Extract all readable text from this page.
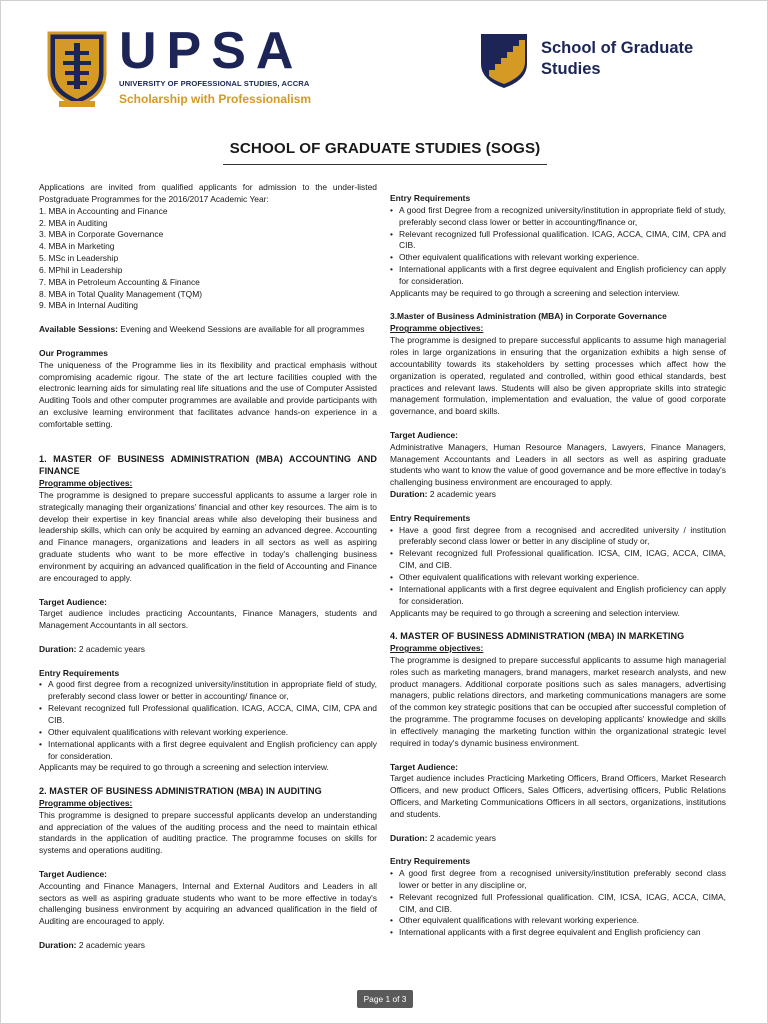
UPSA
UNIVERSITY OF PROFESSIONAL STUDIES, ACCRA
Scholarship with Professionalism
School of Graduate Studies
SCHOOL OF GRADUATE STUDIES (SOGS)

Applications are invited from qualified applicants for admission to the under-listed Postgraduate Programmes for the 2016/2017 Academic Year:

1. MBA in Accounting and Finance

2. MBA in Auditing

3. MBA in Corporate Governance

4. MBA in Marketing

5. MSc in Leadership

6. MPhil in Leadership

7. MBA in Petroleum Accounting & Finance

8. MBA in Total Quality Management (TQM)

9. MBA in Internal Auditing

Available Sessions: Evening and Weekend Sessions are available for all programmes

Our Programmes

The uniqueness of the Programme lies in its flexibility and practical emphasis without compromising academic rigour. The state of the art lecture facilities coupled with the electronic learning aids for simulating real life situations and the use of Computer Assisted Auditing Tools and other computer programmes are available and provide participants with an exclusive learning environment that facilitates advance hands-on experience in a comfortable setting.

1. MASTER OF BUSINESS ADMINISTRATION (MBA) ACCOUNTING AND FINANCE

Programme objectives:

The programme is designed to prepare successful applicants to assume a larger role in strategically managing their organizations' financial and other key resources. The aim is to develop their expertise in key financial areas while also developing their business and leadership skills, which can only be acquired by earning an advanced degree. Accounting and Finance managers, organizations and leaders in all sectors as well as aspiring graduate students who want to be more effective in today's challenging business environment by acquiring an advanced qualification in the field of Accounting and Finance are encouraged to apply.

Target Audience:

Target audience includes practicing Accountants, Finance Managers, students and Management Accountants in all sectors.

Duration: 2 academic years

Entry Requirements

• A good first degree from a recognized university/institution in appropriate field of study, preferably second class lower or better in accounting/ finance or,
• Relevant recognized full Professional qualification. ICAG, ACCA, CIMA, CIM, CPA and CIB.
• Other equivalent qualifications with relevant working experience.
• International applicants with a first degree equivalent and English proficiency can apply for consideration.

Applicants may be required to go through a screening and selection interview.

2. MASTER OF BUSINESS ADMINISTRATION (MBA) IN AUDITING

Programme objectives:

This programme is designed to prepare successful applicants develop an understanding and appreciation of the values of the auditing process and the need to maintain ethical standards in the application of auditing practice. The programme focuses on skills for systems and operations auditing.

Target Audience:

Accounting and Finance Managers, Internal and External Auditors and Leaders in all sectors as well as aspiring graduate students who want to be more effective in today's challenging business environment by acquiring an advanced qualification in the field of Auditing are encouraged to apply.

Duration: 2 academic years

Entry Requirements

• A good first Degree from a recognized university/institution in appropriate field of study, preferably second class lower or better in accounting/finance or,
• Relevant recognized full Professional qualification. ICAG, ACCA, CIMA, CIM, CPA and CIB.
• Other equivalent qualifications with relevant working experience.
• International applicants with a first degree equivalent and English proficiency can apply for consideration.

Applicants may be required to go through a screening and selection interview.

3.Master of Business Administration (MBA) in Corporate Governance

Programme objectives:

The programme is designed to prepare successful applicants to assume high managerial roles in large organizations in ensuring that the organization exhibits a high sense of accountability towards its stakeholders by setting processes which affect how the organization is operated, regulated and controlled, within good ethical standards, best practices and relevant laws. Students will also be given appropriate skills into strategic management formulation, implementation and evaluation, the value of good corporate governance, and board skills.

Target Audience:

Administrative Managers, Human Resource Managers, Lawyers, Finance Managers, Management Accountants and Leaders in all sectors as well as aspiring graduate students who want to know the value of good governance and be more effective in today's challenging business environment are encouraged to apply.

Duration: 2 academic years

Entry Requirements

• Have a good first degree from a recognised and accredited university / institution preferably second class lower or better in any discipline of study or,
• Relevant recognized full Professional qualification. ICSA, CIM, ICAG, ACCA, CIMA, CIM, and CIB.
• Other equivalent qualifications with relevant working experience.
• International applicants with a first degree equivalent and English proficiency can apply for consideration.

Applicants may be required to go through a screening and selection interview.

4. MASTER OF BUSINESS ADMINISTRATION (MBA) IN MARKETING

Programme objectives:

The programme is designed to prepare successful applicants to assume high managerial roles such as marketing managers, brand managers, market research analysts, and new product managers. Additional corporate positions such as sales managers, advertising managers, public relations directors, and marketing communications managers are some of the common key strategic positions that can be occupied after successful completion of the programme. The programme focuses on developing applicants' knowledge and skills in effectively managing the marketing function within the organizational strategic level required in today's dynamic business environment.

Target Audience:

Target audience includes Practicing Marketing Officers, Brand Officers, Market Research Officers, and new product Officers, Sales Officers, advertising officers, Public Relations Officers, and Marketing Communications Officers in all sectors, organizations, institutions and students.

Duration: 2 academic years

Entry Requirements

• A good first degree from a recognised university/institution preferably second class lower or better in any discipline or,
• Relevant recognized full Professional qualification. CIM, ICSA, ICAG, ACCA, CIMA, CIM, and CIB.
• Other equivalent qualifications with relevant working experience.
• International applicants with a first degree equivalent and English proficiency can
Page 1 of 3
